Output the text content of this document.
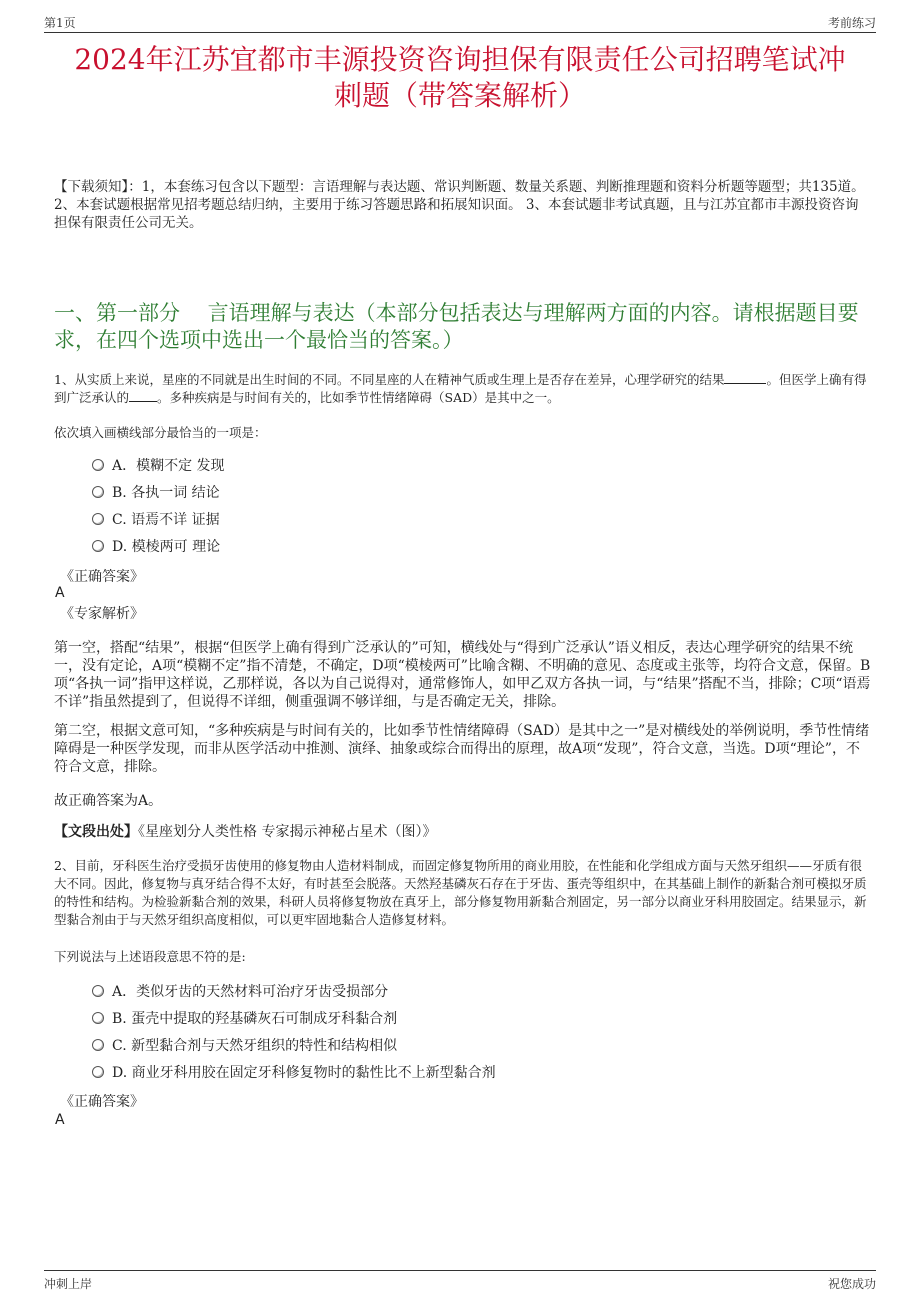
第1页	考前练习
2024年江苏宜都市丰源投资咨询担保有限责任公司招聘笔试冲
刺题（带答案解析）
【下载须知】：1，本套练习包含以下题型：言语理解与表达题、常识判断题、数量关系题、判断推理题和资料分析题等题型；共135道。 2、本套试题根据常见招考题总结归纳，主要用于练习答题思路和拓展知识面。 3、本套试题非考试真题，且与江苏宜都市丰源投资咨询担保有限责任公司无关。
一、第一部分　 言语理解与表达（本部分包括表达与理解两方面的内容。请根据题目要求，在四个选项中选出一个最恰当的答案。）
1、从实质上来说，星座的不同就是出生时间的不同。不同星座的人在精神气质或生理上是否存在差异，心理学研究的结果	。但医学上确有得到广泛承认的 。多种疾病是与时间有关的，比如季节性情绪障碍（SAD）是其中之一。
依次填入画横线部分最恰当的一项是：
A．模糊不定 发现
B. 各执一词 结论
C. 语焉不详 证据
D. 模棱两可 理论
《正确答案》
A
《专家解析》
第一空，搭配“结果”，根据“但医学上确有得到广泛承认的”可知，横线处与“得到广泛承认”语义相反，表达心理学研究的结果不统一，没有定论，A项“模糊不定”指不清楚，不确定，D项“模棱两可”比喻含糊、不明确的意见、态度或主张等，均符合文意，保留。B项“各执一词”指甲这样说，乙那样说，各以为自己说得对，通常修饰人，如甲乙双方各执一词，与“结果”搭配不当，排除；C项“语焉不详”指虽然提到了，但说得不详细，侧重强调不够详细，与是否确定无关，排除。
第二空，根据文意可知，“多种疾病是与时间有关的，比如季节性情绪障碍（SAD）是其中之一”是对横线处的举例说明，季节性情绪障碍是一种医学发现，而非从医学活动中推测、演绎、抽象或综合而得出的原理，故A项“发现”，符合文意，当选。D项“理论”，不符合文意，排除。
故正确答案为A。
【文段出处】《星座划分人类性格 专家揭示神秘占星术（图）》
2、目前，牙科医生治疗受损牙齿使用的修复物由人造材料制成，而固定修复物所用的商业用胶，在性能和化学组成方面与天然牙组织——牙质有很大不同。因此，修复物与真牙结合得不太好，有时甚至会脱落。天然羟基磷灰石存在于牙齿、蛋壳等组织中，在其基础上制作的新黏合剂可模拟牙质的特性和结构。为检验新黏合剂的效果，科研人员将修复物放在真牙上，部分修复物用新黏合剂固定，另一部分以商业牙科用胶固定。结果显示，新型黏合剂由于与天然牙组织高度相似，可以更牢固地黏合人造修复材料。
下列说法与上述语段意思不符的是:
A．类似牙齿的天然材料可治疗牙齿受损部分
B. 蛋壳中提取的羟基磷灰石可制成牙科黏合剂
C. 新型黏合剂与天然牙组织的特性和结构相似
D. 商业牙科用胶在固定牙科修复物时的黏性比不上新型黏合剂
《正确答案》
A
冲刺上岸	祝您成功
